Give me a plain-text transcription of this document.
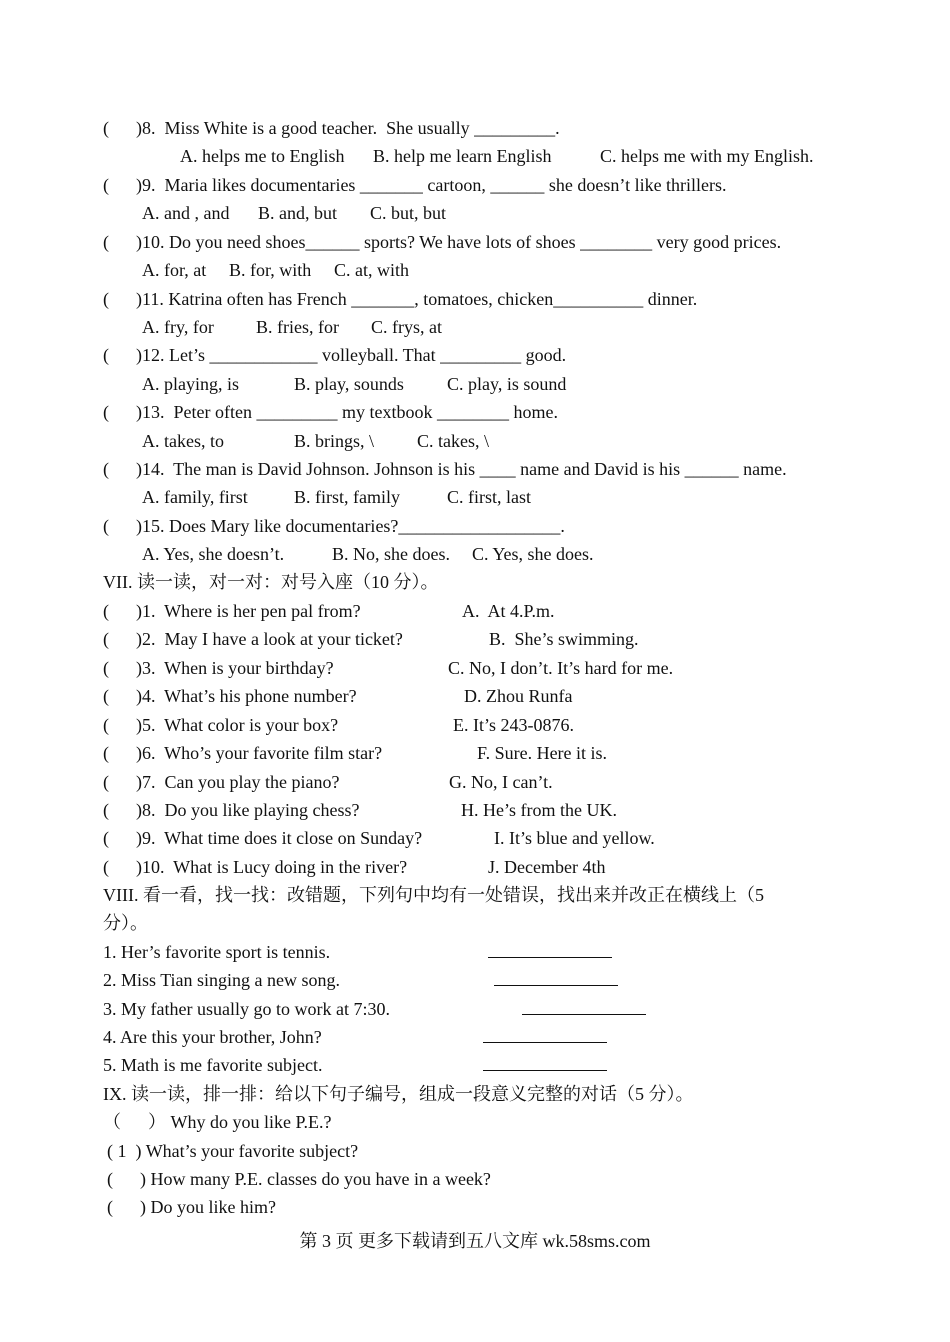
(      )8.  Miss White is a good teacher.  She usually _________.
A. helps me to English B. help me learn English	C. helps me with my English.
(      )9.  Maria likes documentaries _______ cartoon, ______ she doesn’t like thrillers.
A. and , and B. and, but C. but, but
(      )10. Do you need shoes______ sports? We have lots of shoes ________ very good prices.
A. for, at B. for, with C. at, with
(      )11. Katrina often has French _______, tomatoes, chicken__________ dinner.
A. fry, for B. fries, for C. frys, at
(      )12. Let’s ____________ volleyball. That _________ good.
A. playing, is	B. play, sounds C. play, is sound
(      )13.  Peter often _________ my textbook ________ home.
A. takes, to	B. brings, \ C. takes, \
(      )14.  The man is David Johnson. Johnson is his ____ name and David is his ______ name.
A. family, first	B. first, family	C. first, last
(      )15. Does Mary like documentaries?__________________.
A. Yes, she doesn’t.	B. No, she does. C. Yes, she does.
VII. 读一读，对一对：对号入座（10 分）。
(      )1.  Where is her pen pal from?	A.  At 4.P.m.
(      )2.  May I have a look at your ticket?	B.  She’s swimming.
(      )3.  When is your birthday?	C. No, I don’t. It’s hard for me.
(      )4.  What’s his phone number?	D. Zhou Runfa
(      )5.  What color is your box?	E. It’s 243-0876.
(      )6.  Who’s your favorite film star?	F. Sure. Here it is.
(      )7.  Can you play the piano?	G. No, I can’t.
(      )8.  Do you like playing chess?	H. He’s from the UK.
(      )9.  What time does it close on Sunday?	I. It’s blue and yellow.
(      )10.  What is Lucy doing in the river?	J. December 4th
VIII. 看一看，找一找：改错题，下列句中均有一处错误，找出来并改正在横线上（5
分）。
1. Her’s favorite sport is tennis.
2. Miss Tian singing a new song.
3. My father usually go to work at 7:30.
4. Are this your brother, John?
5. Math is me favorite subject.
IX. 读一读，排一排：给以下句子编号，组成一段意义完整的对话（5 分）。
（      ） Why do you like P.E.?
( 1  ) What’s your favorite subject?
(      ) How many P.E. classes do you have in a week?
(      ) Do you like him?
第 3 页 更多下载请到五八文库 wk.58sms.com
